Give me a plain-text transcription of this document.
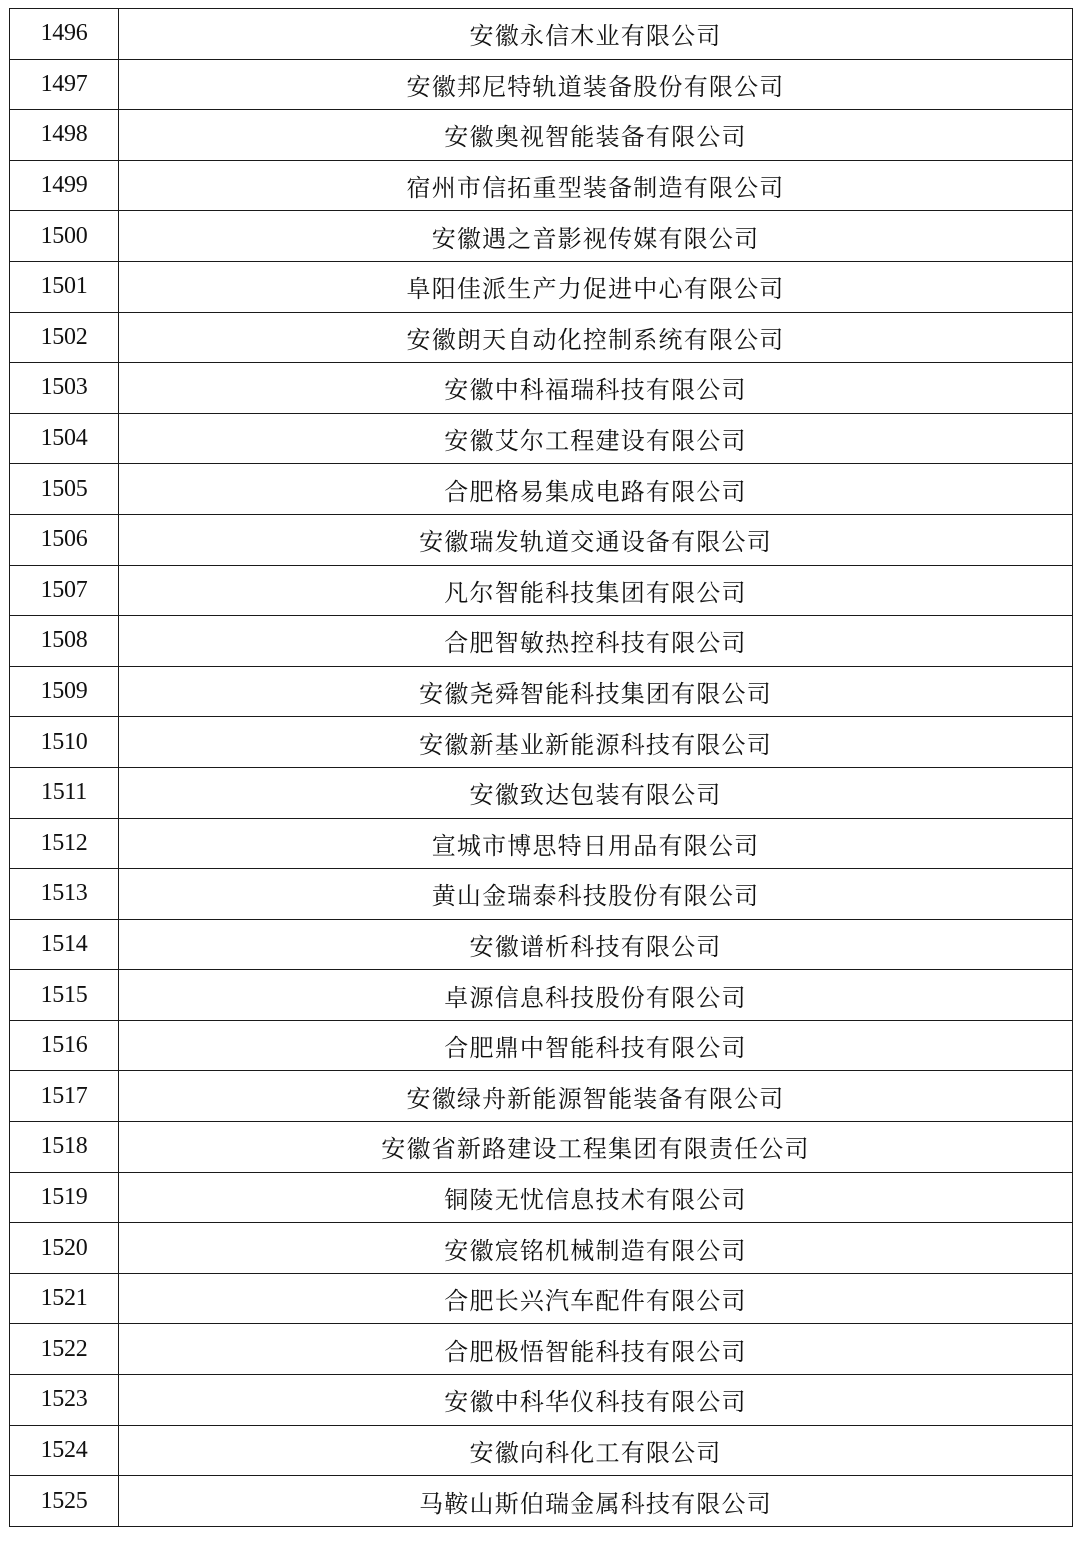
1496	安徽永信木业有限公司
1497	安徽邦尼特轨道装备股份有限公司
1498	安徽奥视智能装备有限公司
1499	宿州市信拓重型装备制造有限公司
1500	安徽遇之音影视传媒有限公司
1501	阜阳佳派生产力促进中心有限公司
1502	安徽朗天自动化控制系统有限公司
1503	安徽中科福瑞科技有限公司
1504	安徽艾尔工程建设有限公司
1505	合肥格易集成电路有限公司
1506	安徽瑞发轨道交通设备有限公司
1507	凡尔智能科技集团有限公司
1508	合肥智敏热控科技有限公司
1509	安徽尧舜智能科技集团有限公司
1510	安徽新基业新能源科技有限公司
1511	安徽致达包装有限公司
1512	宣城市博思特日用品有限公司
1513	黄山金瑞泰科技股份有限公司
1514	安徽谱析科技有限公司
1515	卓源信息科技股份有限公司
1516	合肥鼎中智能科技有限公司
1517	安徽绿舟新能源智能装备有限公司
1518	安徽省新路建设工程集团有限责任公司
1519	铜陵无忧信息技术有限公司
1520	安徽宸铭机械制造有限公司
1521	合肥长兴汽车配件有限公司
1522	合肥极悟智能科技有限公司
1523	安徽中科华仪科技有限公司
1524	安徽向科化工有限公司
1525	马鞍山斯伯瑞金属科技有限公司
